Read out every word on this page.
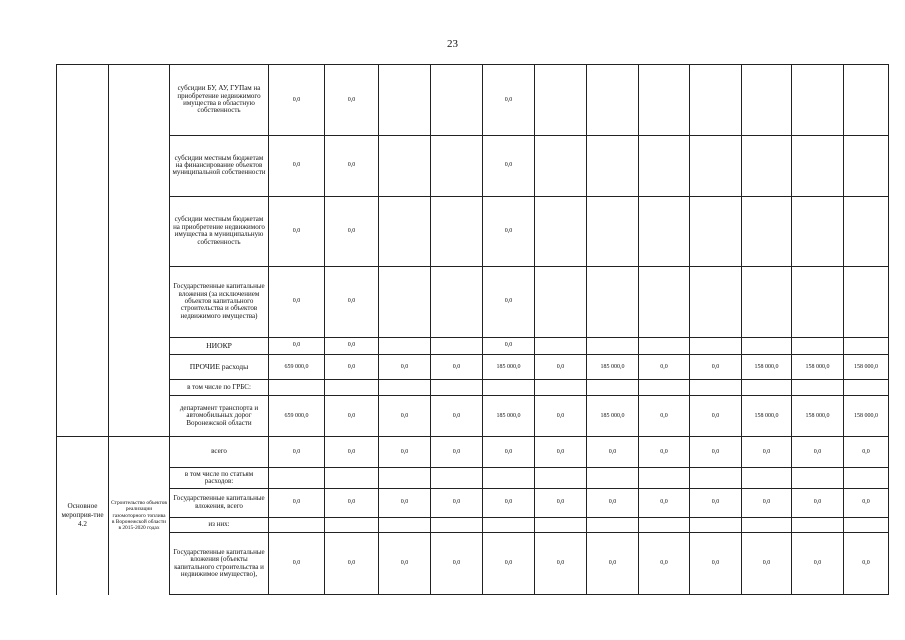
23
		субсидии БУ, АУ, ГУПам на приобретение недвижимого имущества в областную собственность	0,0	0,0			0,0							
		субсидии местным бюджетам на финансирование объектов муниципальной собственности	0,0	0,0			0,0							
		субсидии местным бюджетам на приобретение недвижимого имущества в муниципальную собственность	0,0	0,0			0,0							
		Государственные капитальные вложения (за исключением объектов капитального строительства и объектов недвижимого имущества)	0,0	0,0			0,0							
		НИОКР	0,0	0,0			0,0							
		ПРОЧИЕ расходы	659 000,0	0,0	0,0	0,0	185 000,0	0,0	185 000,0	0,0	0,0	158 000,0	158 000,0	158 000,0
		в том числе по ГРБС:												
		департамент транспорта и автомобильных дорог Воронежской области	659 000,0	0,0	0,0	0,0	185 000,0	0,0	185 000,0	0,0	0,0	158 000,0	158 000,0	158 000,0
Основное мероприя-тие 4.2	Строительство объектов реализации газомоторного топлива в Воронежской области в 2015-2020 годах	всего	0,0	0,0	0,0	0,0	0,0	0,0	0,0	0,0	0,0	0,0	0,0	0,0
		в том числе по статьям расходов:												
		Государственные капитальные вложения, всего	0,0	0,0	0,0	0,0	0,0	0,0	0,0	0,0	0,0	0,0	0,0	0,0
		из них:												
		Государственные капитальные вложения (объекты капитального строительства и недвижимое имущество),	0,0	0,0	0,0	0,0	0,0	0,0	0,0	0,0	0,0	0,0	0,0	0,0
